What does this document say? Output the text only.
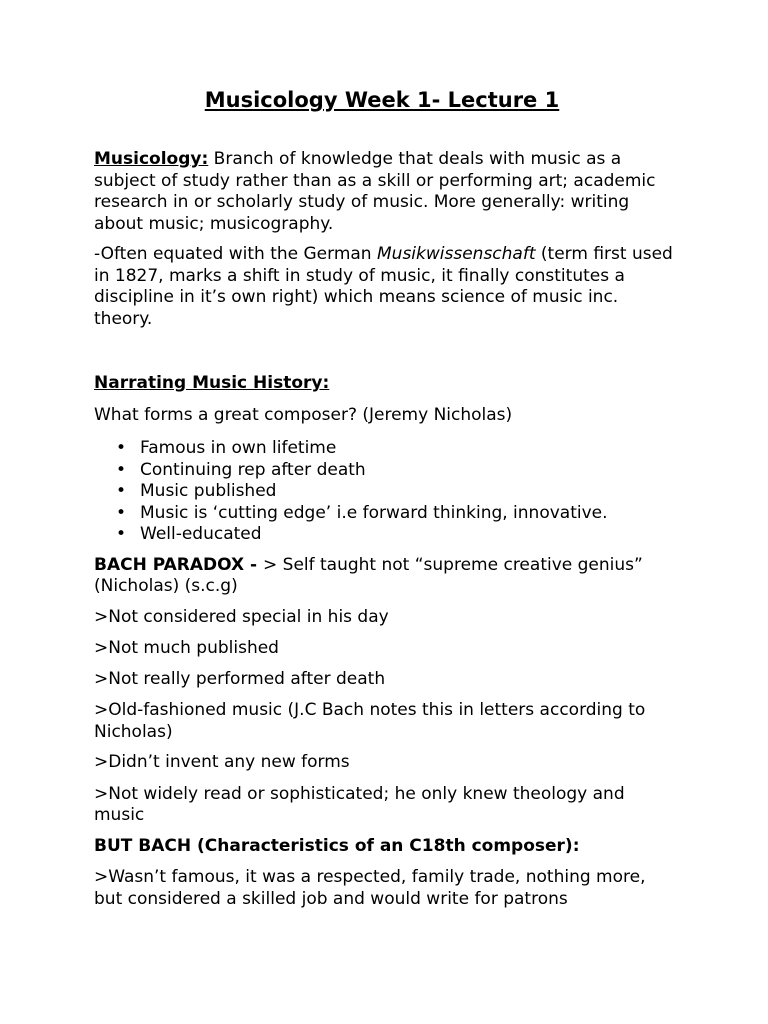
Musicology Week 1- Lecture 1

Musicology: Branch of knowledge that deals with music as a subject of study rather than as a skill or performing art; academic research in or scholarly study of music. More generally: writing about music; musicography.

-Often equated with the German Musikwissenschaft (term first used in 1827, marks a shift in study of music, it finally constitutes a discipline in it’s own right) which means science of music inc. theory.

Narrating Music History:

What forms a great composer? (Jeremy Nicholas)

• Famous in own lifetime
• Continuing rep after death
• Music published
• Music is ‘cutting edge’ i.e forward thinking, innovative.
• Well-educated

BACH PARADOX - > Self taught not “supreme creative genius” (Nicholas) (s.c.g)

>Not considered special in his day

>Not much published

>Not really performed after death

>Old-fashioned music (J.C Bach notes this in letters according to Nicholas)

>Didn’t invent any new forms

>Not widely read or sophisticated; he only knew theology and music

BUT BACH (Characteristics of an C18th composer):

>Wasn’t famous, it was a respected, family trade, nothing more, but considered a skilled job and would write for patrons
